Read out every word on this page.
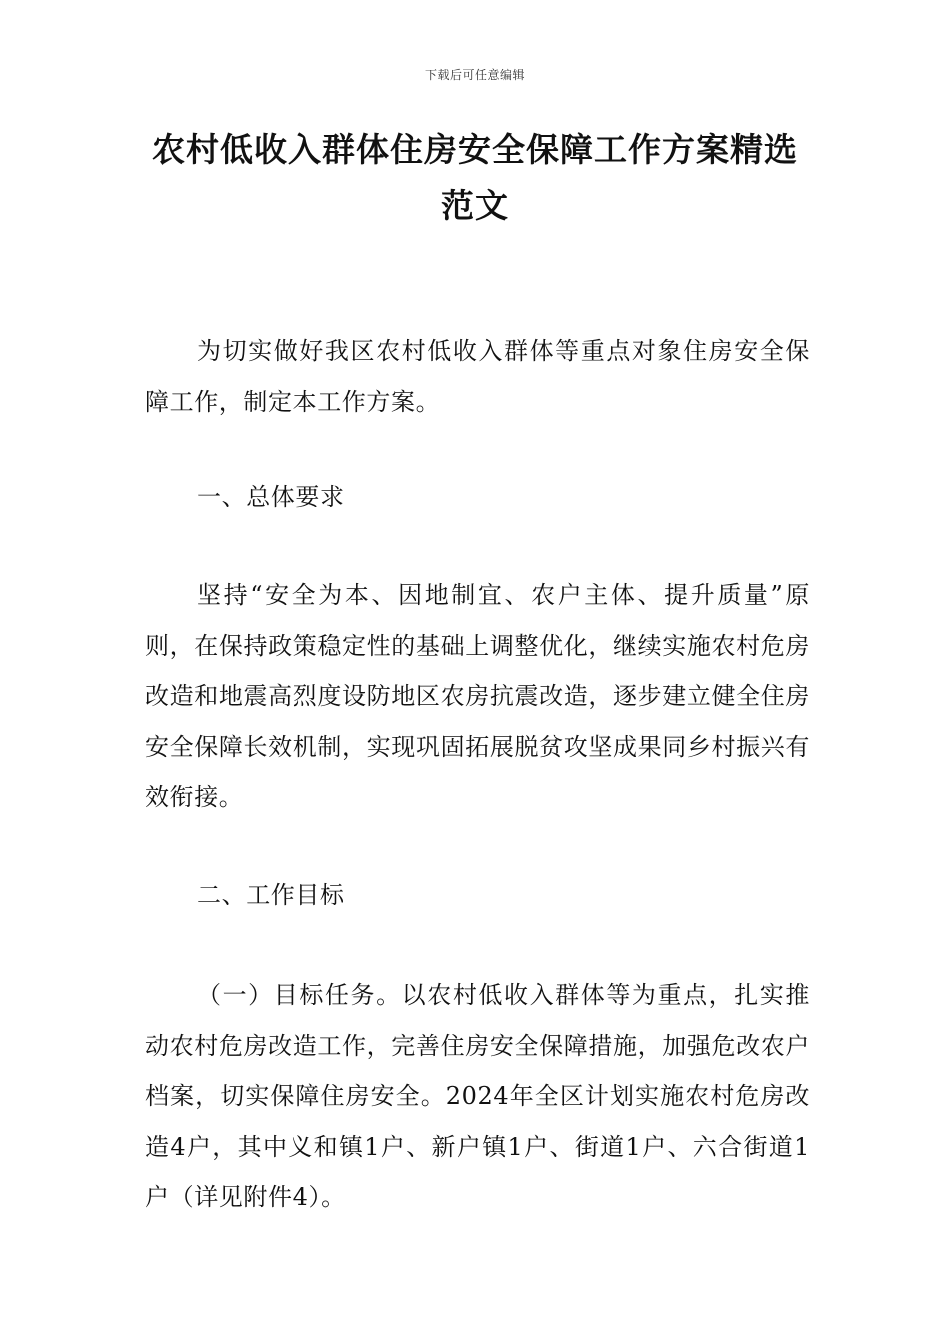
下载后可任意编辑
农村低收入群体住房安全保障工作方案精选范文

为切实做好我区农村低收入群体等重点对象住房安全保障工作，制定本工作方案。

一、总体要求

坚持“安全为本、因地制宜、农户主体、提升质量”原则，在保持政策稳定性的基础上调整优化，继续实施农村危房改造和地震高烈度设防地区农房抗震改造，逐步建立健全住房安全保障长效机制，实现巩固拓展脱贫攻坚成果同乡村振兴有效衔接。

二、工作目标

（一）目标任务。以农村低收入群体等为重点，扎实推动农村危房改造工作，完善住房安全保障措施，加强危改农户档案，切实保障住房安全。2024年全区计划实施农村危房改造4户，其中义和镇1户、新户镇1户、街道1户、六合街道1户（详见附件4）。
